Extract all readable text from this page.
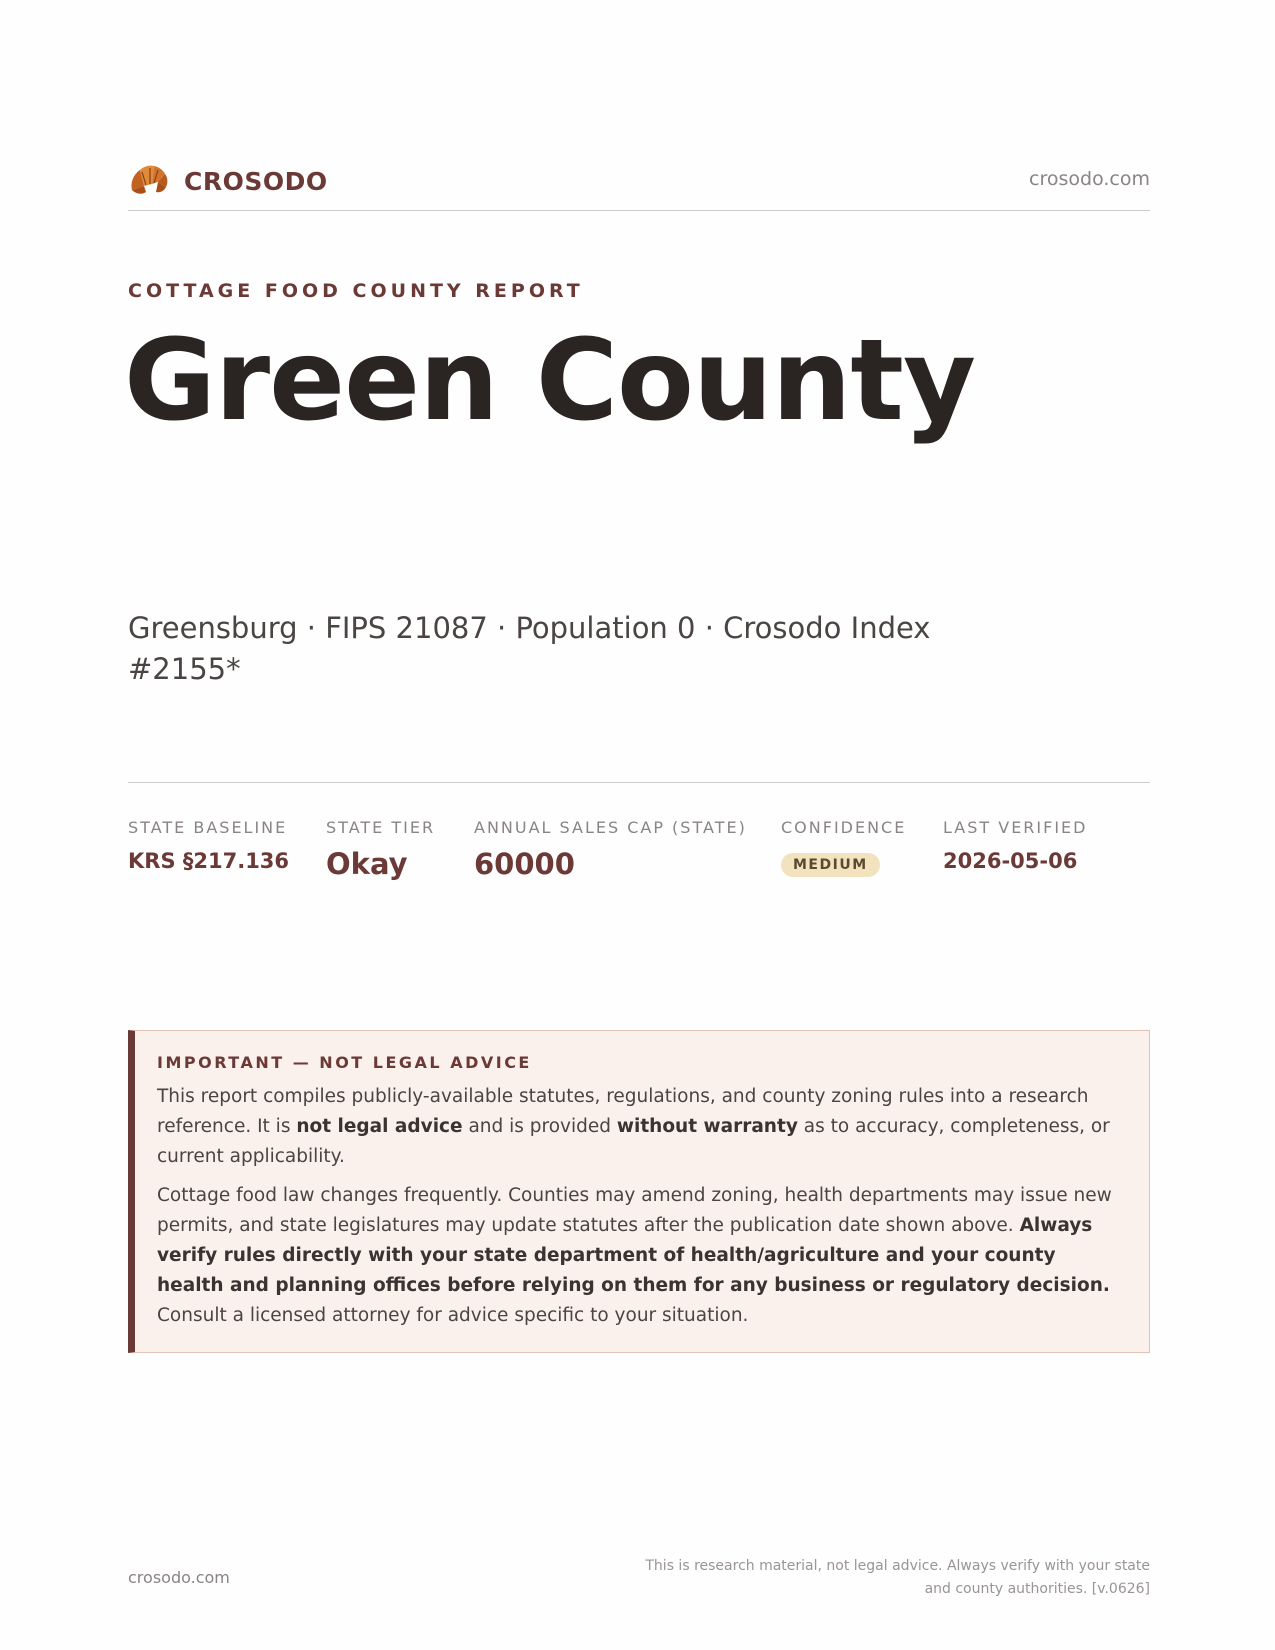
CROSODO	crosodo.com
COTTAGE FOOD COUNTY REPORT
Green County
Greensburg · FIPS 21087 · Population 0 · Crosodo Index #2155*
STATE BASELINE
KRS §217.136
STATE TIER
Okay
ANNUAL SALES CAP (STATE)
60000
CONFIDENCE
MEDIUM
LAST VERIFIED
2026-05-06
IMPORTANT — NOT LEGAL ADVICE

This report compiles publicly-available statutes, regulations, and county zoning rules into a research reference. It is not legal advice and is provided without warranty as to accuracy, completeness, or current applicability.

Cottage food law changes frequently. Counties may amend zoning, health departments may issue new permits, and state legislatures may update statutes after the publication date shown above. Always verify rules directly with your state department of health/agriculture and your county health and planning offices before relying on them for any business or regulatory decision. Consult a licensed attorney for advice specific to your situation.

crosodo.com
This is research material, not legal advice. Always verify with your state and county authorities. [v.0626]
